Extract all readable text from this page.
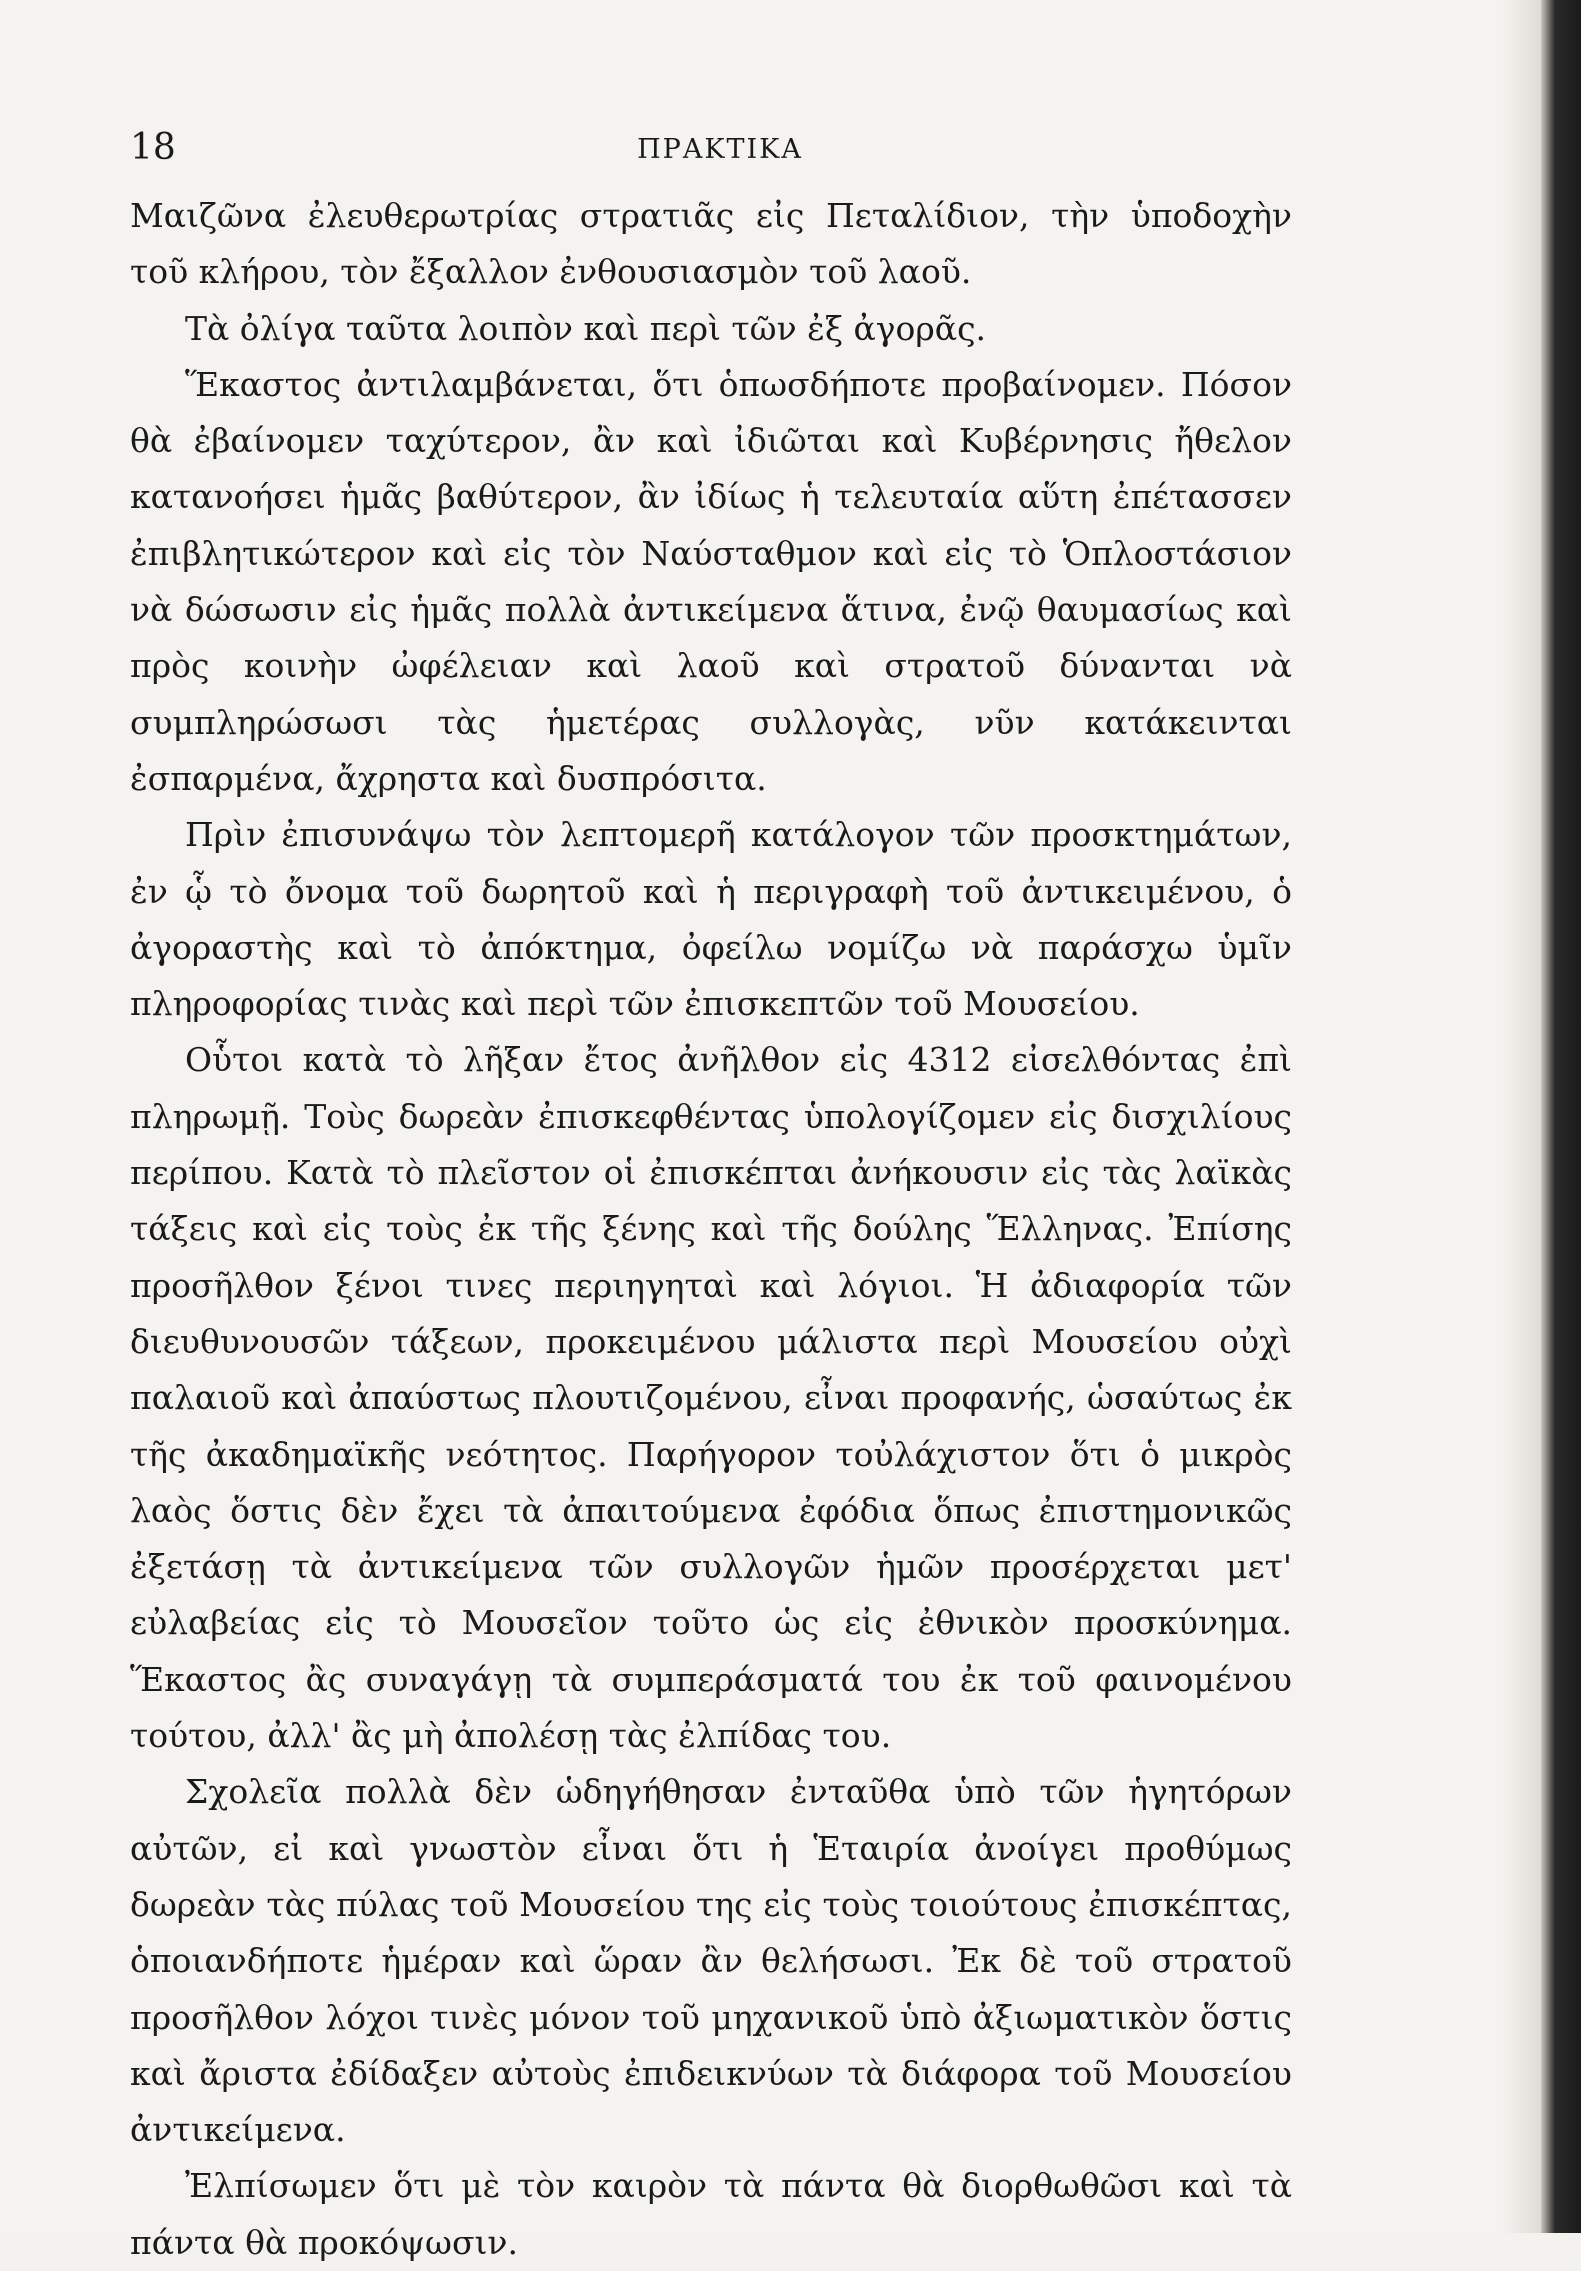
18	ΠΡΑΚΤΙΚΑ

Μαιζῶνα ἐλευθερωτρίας στρατιᾶς εἰς Πεταλίδιον, τὴν ὑποδοχὴν τοῦ κλήρου, τὸν ἔξαλλον ἐνθουσιασμὸν τοῦ λαοῦ.

Τὰ ὀλίγα ταῦτα λοιπὸν καὶ περὶ τῶν ἐξ ἀγορᾶς.

Ἕκαστος ἀντιλαμβάνεται, ὅτι ὁπωσδήποτε προβαίνομεν. Πόσον θὰ ἐβαίνομεν ταχύτερον, ἂν καὶ ἰδιῶται καὶ Κυβέρνησις ἤθελον κατανοήσει ἡμᾶς βαθύτερον, ἂν ἰδίως ἡ τελευταία αὕτη ἐπέτασσεν ἐπιβλητικώτερον καὶ εἰς τὸν Ναύσταθμον καὶ εἰς τὸ Ὁπλοστάσιον νὰ δώσωσιν εἰς ἡμᾶς πολλὰ ἀντικείμενα ἅτινα, ἐνῷ θαυμασίως καὶ πρὸς κοινὴν ὠφέλειαν καὶ λαοῦ καὶ στρατοῦ δύνανται νὰ συμπληρώσωσι τὰς ἡμετέρας συλλογὰς, νῦν κατάκεινται ἐσπαρμένα, ἄχρηστα καὶ δυσπρόσιτα.

Πρὶν ἐπισυνάψω τὸν λεπτομερῆ κατάλογον τῶν προσκτημάτων, ἐν ᾧ τὸ ὄνομα τοῦ δωρητοῦ καὶ ἡ περιγραφὴ τοῦ ἀντικειμένου, ὁ ἀγοραστὴς καὶ τὸ ἀπόκτημα, ὀφείλω νομίζω νὰ παράσχω ὑμῖν πληροφορίας τινὰς καὶ περὶ τῶν ἐπισκεπτῶν τοῦ Μουσείου.

Οὗτοι κατὰ τὸ λῆξαν ἔτος ἀνῆλθον εἰς 4312 εἰσελθόντας ἐπὶ πληρωμῇ. Τοὺς δωρεὰν ἐπισκεφθέντας ὑπολογίζομεν εἰς δισχιλίους περίπου. Κατὰ τὸ πλεῖστον οἱ ἐπισκέπται ἀνήκουσιν εἰς τὰς λαϊκὰς τάξεις καὶ εἰς τοὺς ἐκ τῆς ξένης καὶ τῆς δούλης Ἕλληνας. Ἐπίσης προσῆλθον ξένοι τινες περιηγηταὶ καὶ λόγιοι. Ἡ ἀδιαφορία τῶν διευθυνουσῶν τάξεων, προκειμένου μάλιστα περὶ Μουσείου οὐχὶ παλαιοῦ καὶ ἀπαύστως πλουτιζομένου, εἶναι προφανής, ὡσαύτως ἐκ τῆς ἀκαδημαϊκῆς νεότητος. Παρήγορον τοὐλάχιστον ὅτι ὁ μικρὸς λαὸς ὅστις δὲν ἔχει τὰ ἀπαιτούμενα ἐφόδια ὅπως ἐπιστημονικῶς ἐξετάσῃ τὰ ἀντικείμενα τῶν συλλογῶν ἡμῶν προσέρχεται μετ' εὐλαβείας εἰς τὸ Μουσεῖον τοῦτο ὡς εἰς ἐθνικὸν προσκύνημα. Ἕκαστος ἂς συναγάγῃ τὰ συμπεράσματά του ἐκ τοῦ φαινομένου τούτου, ἀλλ' ἂς μὴ ἀπολέσῃ τὰς ἐλπίδας του.

Σχολεῖα πολλὰ δὲν ὡδηγήθησαν ἐνταῦθα ὑπὸ τῶν ἡγητόρων αὐτῶν, εἰ καὶ γνωστὸν εἶναι ὅτι ἡ Ἑταιρία ἀνοίγει προθύμως δωρεὰν τὰς πύλας τοῦ Μουσείου της εἰς τοὺς τοιούτους ἐπισκέπτας, ὁποιανδήποτε ἡμέραν καὶ ὥραν ἂν θελήσωσι. Ἐκ δὲ τοῦ στρατοῦ προσῆλθον λόχοι τινὲς μόνον τοῦ μηχανικοῦ ὑπὸ ἀξιωματικὸν ὅστις καὶ ἄριστα ἐδίδαξεν αὐτοὺς ἐπιδεικνύων τὰ διάφορα τοῦ Μουσείου ἀντικείμενα.

Ἐλπίσωμεν ὅτι μὲ τὸν καιρὸν τὰ πάντα θὰ διορθωθῶσι καὶ τὰ πάντα θὰ προκόψωσιν.
